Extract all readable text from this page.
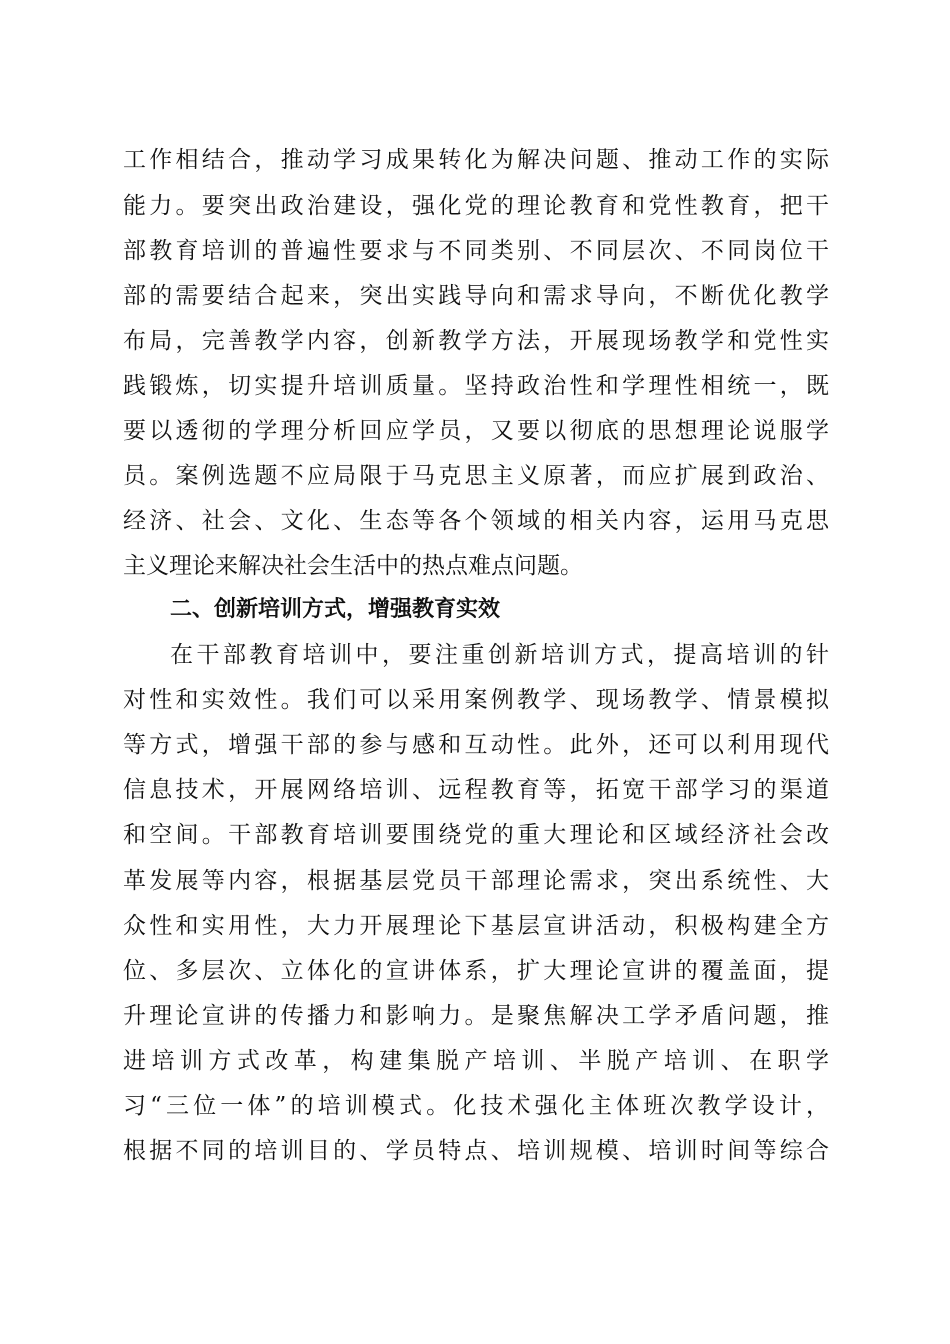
工作相结合，推动学习成果转化为解决问题、推动工作的实际
能力。要突出政治建设，强化党的理论教育和党性教育，把干
部教育培训的普遍性要求与不同类别、不同层次、不同岗位干
部的需要结合起来，突出实践导向和需求导向，不断优化教学
布局，完善教学内容，创新教学方法，开展现场教学和党性实
践锻炼，切实提升培训质量。坚持政治性和学理性相统一，既
要以透彻的学理分析回应学员，又要以彻底的思想理论说服学
员。案例选题不应局限于马克思主义原著，而应扩展到政治、
经济、社会、文化、生态等各个领域的相关内容，运用马克思
主义理论来解决社会生活中的热点难点问题。
二、创新培训方式，增强教育实效
在干部教育培训中，要注重创新培训方式，提高培训的针
对性和实效性。我们可以采用案例教学、现场教学、情景模拟
等方式，增强干部的参与感和互动性。此外，还可以利用现代
信息技术，开展网络培训、远程教育等，拓宽干部学习的渠道
和空间。干部教育培训要围绕党的重大理论和区域经济社会改
革发展等内容，根据基层党员干部理论需求，突出系统性、大
众性和实用性，大力开展理论下基层宣讲活动，积极构建全方
位、多层次、立体化的宣讲体系，扩大理论宣讲的覆盖面，提
升理论宣讲的传播力和影响力。是聚焦解决工学矛盾问题，推
进培训方式改革，构建集脱产培训、半脱产培训、在职学
习“三位一体”的培训模式。化技术强化主体班次教学设计，
根据不同的培训目的、学员特点、培训规模、培训时间等综合
